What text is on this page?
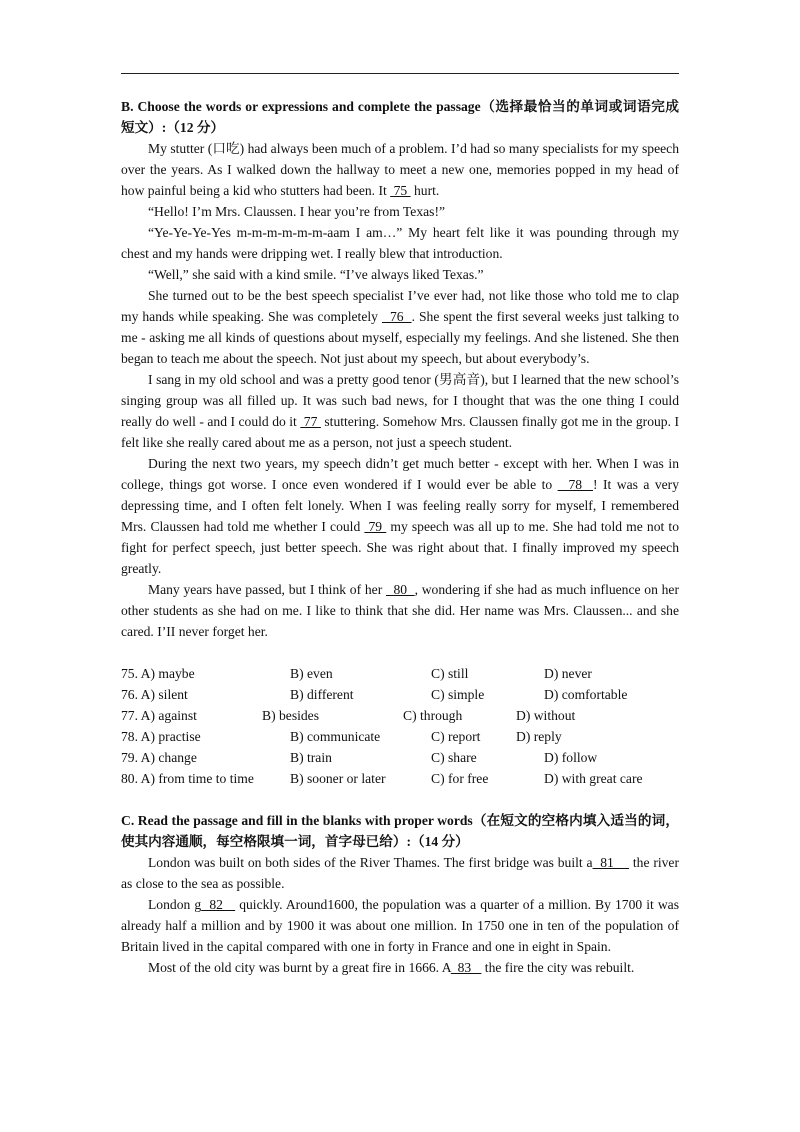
B. Choose the words or expressions and complete the passage（选择最恰当的单词或词语完成短文）:（12 分）

My stutter (口吃) had always been much of a problem. I’d had so many specialists for my speech over the years. As I walked down the hallway to meet a new one, memories popped in my head of how painful being a kid who stutters had been. It  75  hurt.

“Hello! I’m Mrs. Claussen. I hear you’re from Texas!”

“Ye-Ye-Ye-Yes m-m-m-m-m-m-aam I am…” My heart felt like it was pounding through my chest and my hands were dripping wet. I really blew that introduction.

“Well,” she said with a kind smile. “I’ve always liked Texas.”

She turned out to be the best speech specialist I’ve ever had, not like those who told me to clap my hands while speaking. She was completely   76  . She spent the first several weeks just talking to me - asking me all kinds of questions about myself, especially my feelings. And she listened. She then began to teach me about the speech. Not just about my speech, but about everybody’s.

I sang in my old school and was a pretty good tenor (男高音), but I learned that the new school’s singing group was all filled up. It was such bad news, for I thought that was the one thing I could really do well - and I could do it  77  stuttering. Somehow Mrs. Claussen finally got me in the group. I felt like she really cared about me as a person, not just a speech student.

During the next two years, my speech didn’t get much better - except with her. When I was in college, things got worse. I once even wondered if I would ever be able to   78  ! It was a very depressing time, and I often felt lonely. When I was feeling really sorry for myself, I remembered Mrs. Claussen had told me whether I could  79  my speech was all up to me. She had told me not to fight for perfect speech, just better speech. She was right about that. I finally improved my speech greatly.

Many years have passed, but I think of her   80  , wondering if she had as much influence on her other students as she had on me. I like to think that she did. Her name was Mrs. Claussen... and she cared. I’II never forget her.

75. A) maybe	B) even	C) still	D) never
76. A) silent	B) different	C) simple	D) comfortable
77. A) against	B) besides	C) through	D) without
78. A) practise	B) communicate	C) report	D) reply
79. A) change	B) train	C) share	D) follow
80. A) from time to time	B) sooner or later	C) for free	D) with great care

C. Read the passage and fill in the blanks with proper words（在短文的空格内填入适当的词，使其内容通顺，每空格限填一词，首字母已给）:（14 分）

London was built on both sides of the River Thames. The first bridge was built a  81     the river as close to the sea as possible.

London g  82    quickly. Around1600, the population was a quarter of a million. By 1700 it was already half a million and by 1900 it was about one million. In 1750 one in ten of the population of Britain lived in the capital compared with one in forty in France and one in eight in Spain.

Most of the old city was burnt by a great fire in 1666. A  83    the fire the city was rebuilt.
